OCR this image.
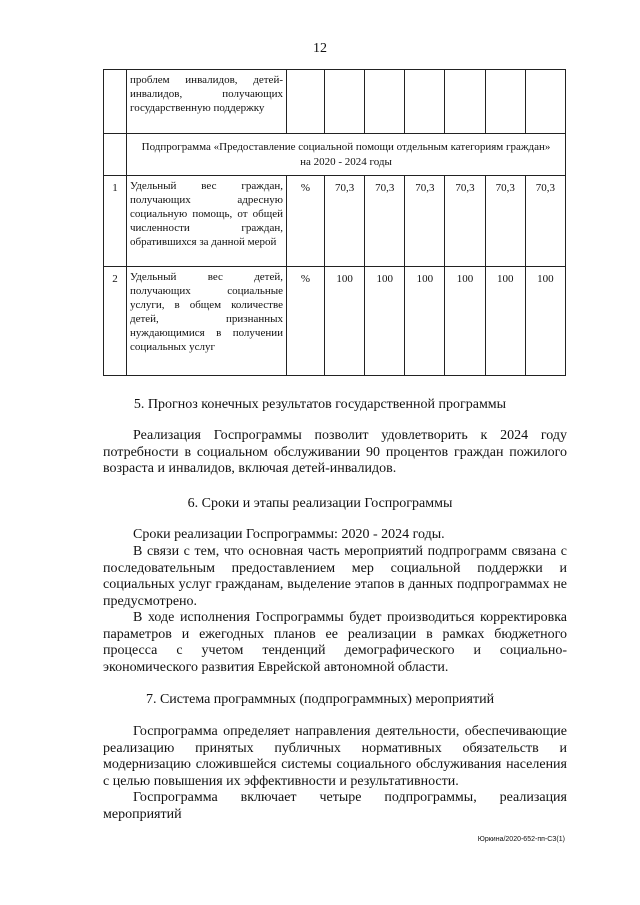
12

	проблем инвалидов, детей-инвалидов, получающих государственную поддержку							

	Подпрограмма «Предоставление социальной помощи отдельным категориям граждан» на 2020 - 2024 годы							
1	Удельный вес граждан, получающих адресную социальную помощь, от общей численности граждан, обратившихся за данной мерой	%	70,3	70,3	70,3	70,3	70,3	70,3
2	Удельный вес детей, получающих социальные услуги, в общем количестве детей, признанных нуждающимися в получении социальных услуг	%	100	100	100	100	100	100
5. Прогноз конечных результатов государственной программы
Реализация Госпрограммы позволит удовлетворить к 2024 году потребности в социальном обслуживании 90 процентов граждан пожилого возраста и инвалидов, включая детей-инвалидов.
6. Сроки и этапы реализации Госпрограммы
Сроки реализации Госпрограммы: 2020 - 2024 годы.
В связи с тем, что основная часть мероприятий подпрограмм связана с последовательным предоставлением мер социальной поддержки и социальных услуг гражданам, выделение этапов в данных подпрограммах не предусмотрено.
В ходе исполнения Госпрограммы будет производиться корректировка параметров и ежегодных планов ее реализации в рамках бюджетного процесса с учетом тенденций демографического и социально-экономического развития Еврейской автономной области.
7. Система программных (подпрограммных) мероприятий
Госпрограмма определяет направления деятельности, обеспечивающие реализацию принятых публичных нормативных обязательств и модернизацию сложившейся системы социального обслуживания населения с целью повышения их эффективности и результативности.
Госпрограмма включает четыре подпрограммы, реализация мероприятий
Юркина/2020-652-пп-СЗ(1)
